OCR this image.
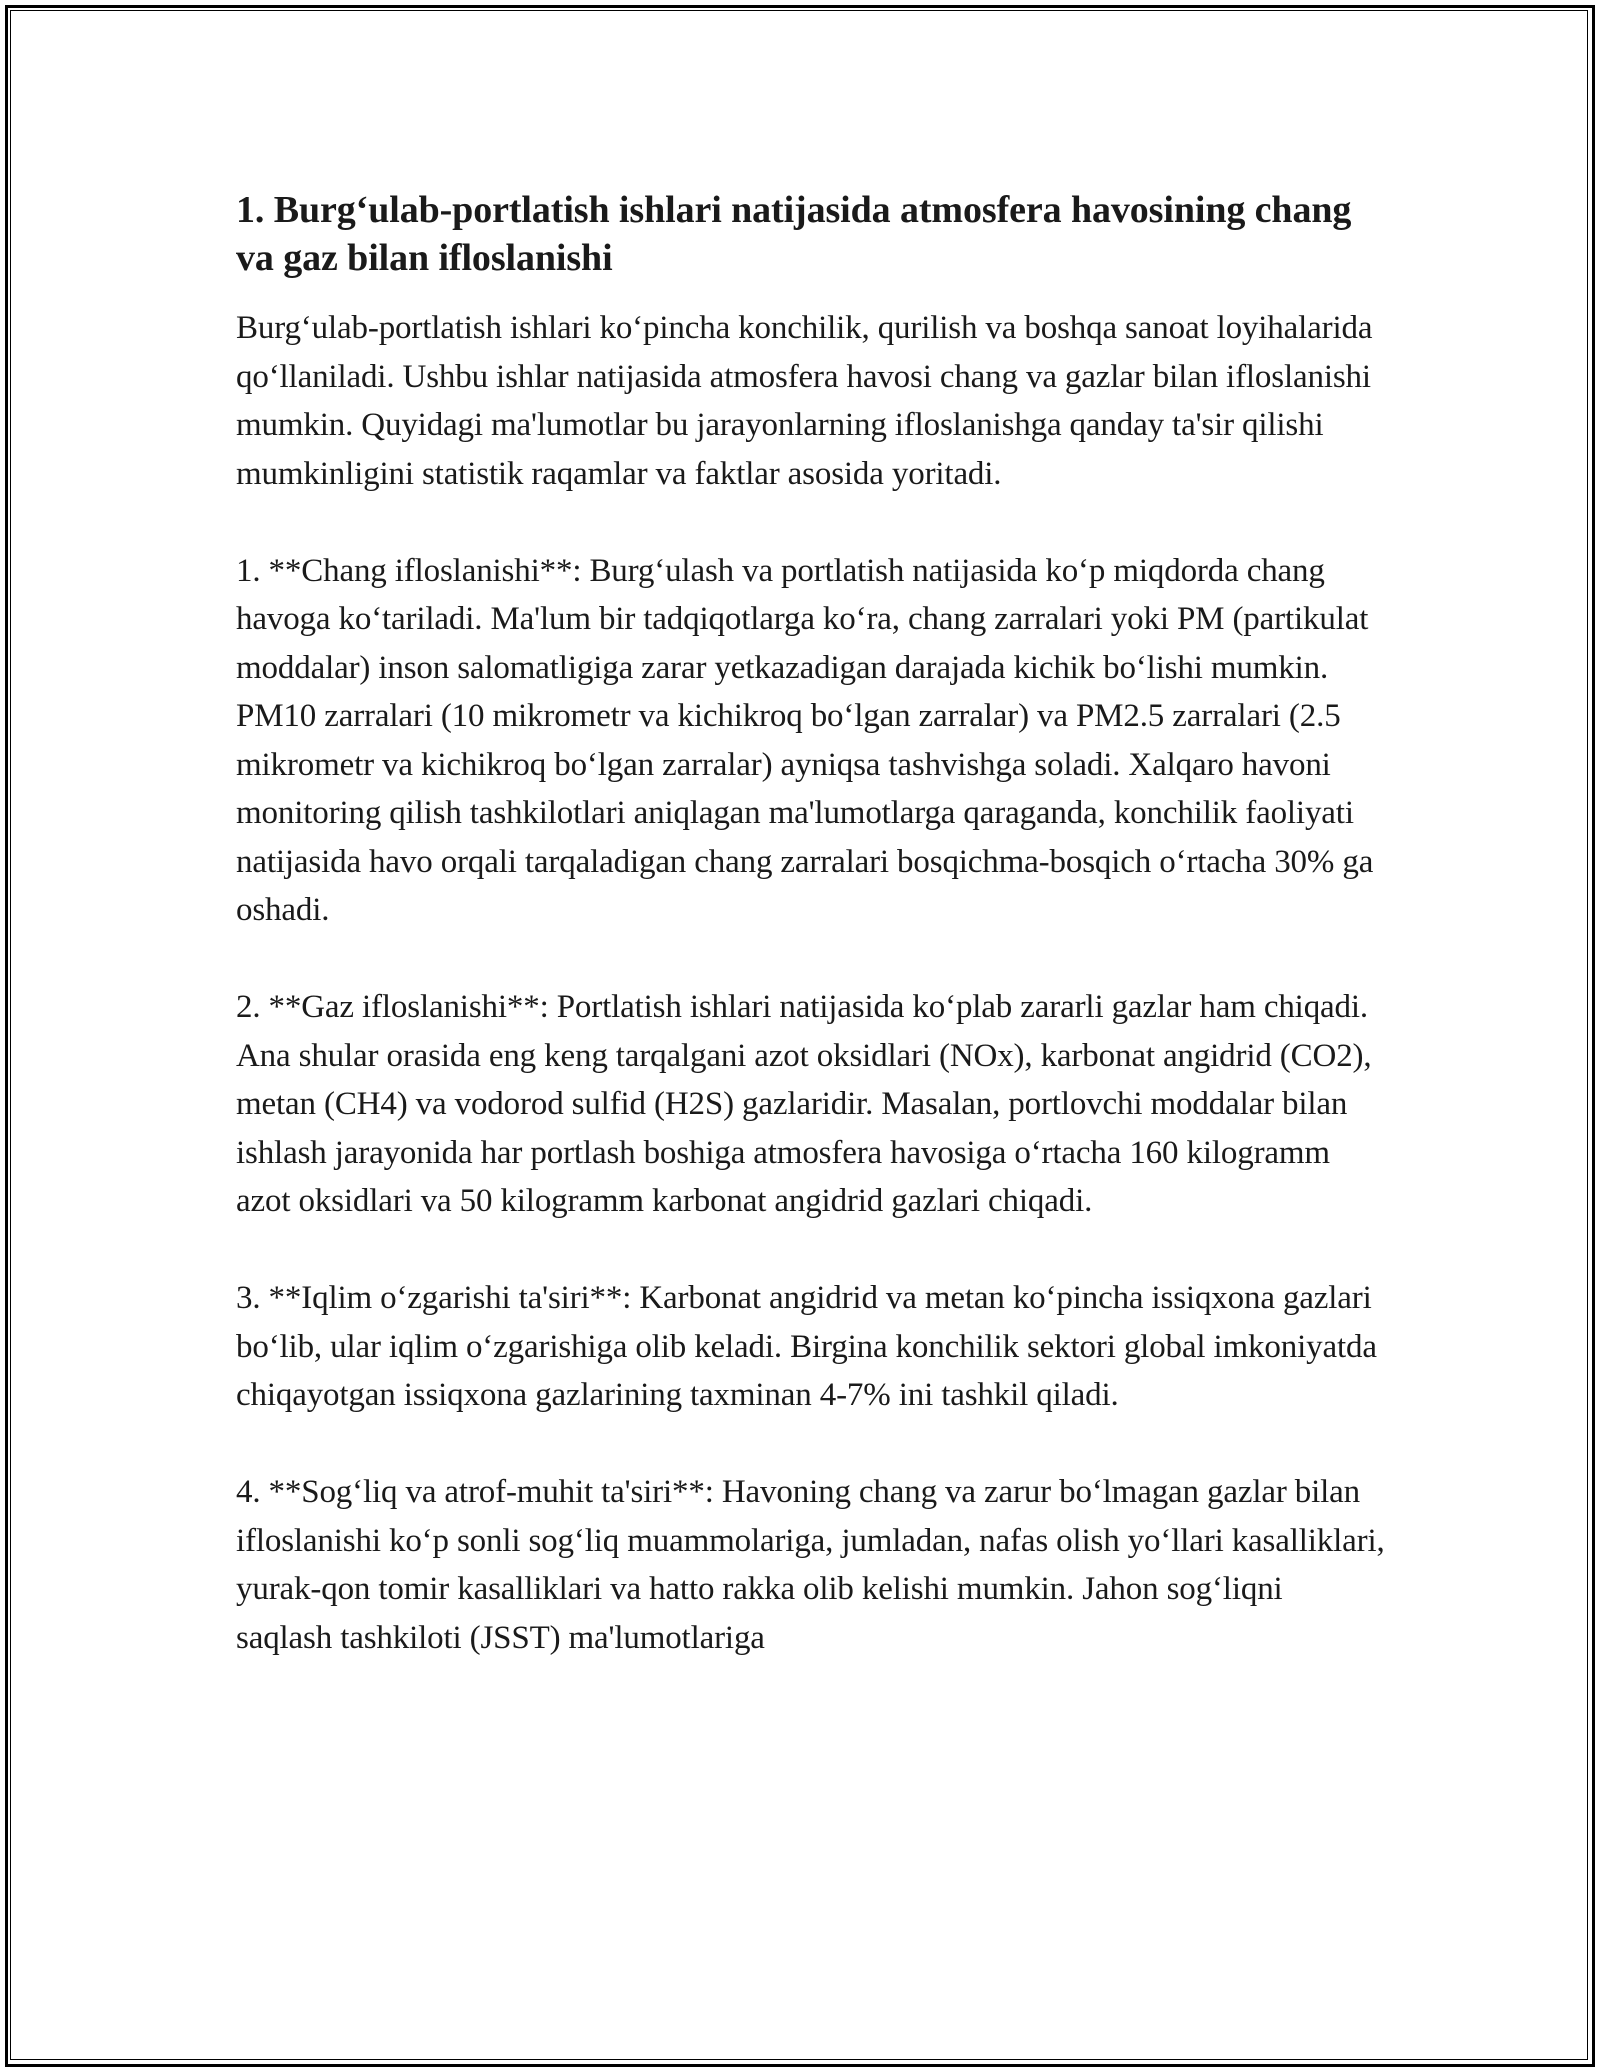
1. Burg‘ulab-portlatish ishlari natijasida atmosfera havosining chang va gaz bilan ifloslanishi

Burg‘ulab-portlatish ishlari ko‘pincha konchilik, qurilish va boshqa sanoat loyihalarida qo‘llaniladi. Ushbu ishlar natijasida atmosfera havosi chang va gazlar bilan ifloslanishi mumkin. Quyidagi ma'lumotlar bu jarayonlarning ifloslanishga qanday ta'sir qilishi mumkinligini statistik raqamlar va faktlar asosida yoritadi.

1. **Chang ifloslanishi**: Burg‘ulash va portlatish natijasida ko‘p miqdorda chang havoga ko‘tariladi. Ma'lum bir tadqiqotlarga ko‘ra, chang zarralari yoki PM (partikulat moddalar) inson salomatligiga zarar yetkazadigan darajada kichik bo‘lishi mumkin. PM10 zarralari (10 mikrometr va kichikroq bo‘lgan zarralar) va PM2.5 zarralari (2.5 mikrometr va kichikroq bo‘lgan zarralar) ayniqsa tashvishga soladi. Xalqaro havoni monitoring qilish tashkilotlari aniqlagan ma'lumotlarga qaraganda, konchilik faoliyati natijasida havo orqali tarqaladigan chang zarralari bosqichma-bosqich o‘rtacha 30% ga oshadi.

2. **Gaz ifloslanishi**: Portlatish ishlari natijasida ko‘plab zararli gazlar ham chiqadi. Ana shular orasida eng keng tarqalgani azot oksidlari (NOx), karbonat angidrid (CO2), metan (CH4) va vodorod sulfid (H2S) gazlaridir. Masalan, portlovchi moddalar bilan ishlash jarayonida har portlash boshiga atmosfera havosiga o‘rtacha 160 kilogramm azot oksidlari va 50 kilogramm karbonat angidrid gazlari chiqadi.

3. **Iqlim o‘zgarishi ta'siri**: Karbonat angidrid va metan ko‘pincha issiqxona gazlari bo‘lib, ular iqlim o‘zgarishiga olib keladi. Birgina konchilik sektori global imkoniyatda chiqayotgan issiqxona gazlarining taxminan 4-7% ini tashkil qiladi.

4. **Sog‘liq va atrof-muhit ta'siri**: Havoning chang va zarur bo‘lmagan gazlar bilan ifloslanishi ko‘p sonli sog‘liq muammolariga, jumladan, nafas olish yo‘llari kasalliklari, yurak-qon tomir kasalliklari va hatto rakka olib kelishi mumkin. Jahon sog‘liqni saqlash tashkiloti (JSST) ma'lumotlariga
